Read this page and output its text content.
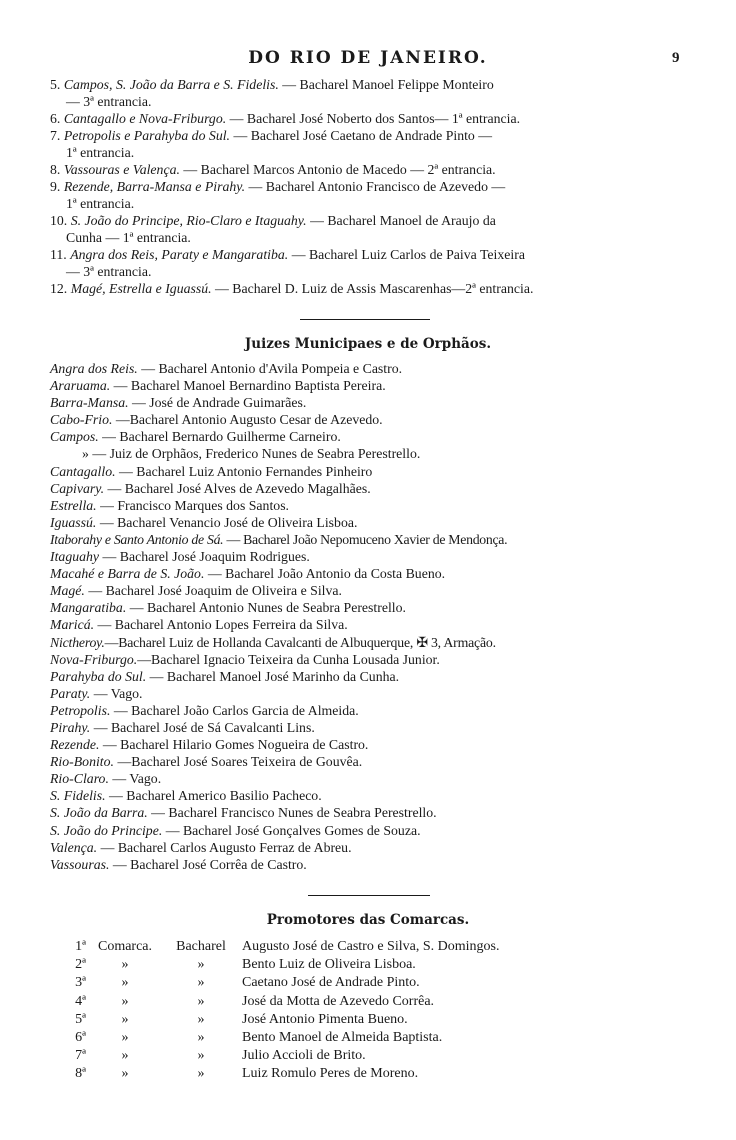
DO RIO DE JANEIRO.	9

5. Campos, S. João da Barra e S. Fidelis. — Bacharel Manoel Felippe Monteiro
— 3ª entrancia.

6. Cantagallo e Nova-Friburgo. — Bacharel José Noberto dos Santos— 1ª entrancia.

7. Petropolis e Parahyba do Sul. — Bacharel José Caetano de Andrade Pinto —
1ª entrancia.

8. Vassouras e Valença. — Bacharel Marcos Antonio de Macedo — 2ª entrancia.

9. Rezende, Barra-Mansa e Pirahy. — Bacharel Antonio Francisco de Azevedo —
1ª entrancia.

10. S. João do Principe, Rio-Claro e Itaguahy. — Bacharel Manoel de Araujo da
Cunha — 1ª entrancia.

11. Angra dos Reis, Paraty e Mangaratiba. — Bacharel Luiz Carlos de Paiva Teixeira
— 3ª entrancia.

12. Magé, Estrella e Iguassú. — Bacharel D. Luiz de Assis Mascarenhas—2ª entrancia.

Juizes Municipaes e de Orphãos.

Angra dos Reis. — Bacharel Antonio d'Avila Pompeia e Castro.

Araruama. — Bacharel Manoel Bernardino Baptista Pereira.

Barra-Mansa. — José de Andrade Guimarães.

Cabo-Frio. —Bacharel Antonio Augusto Cesar de Azevedo.

Campos. — Bacharel Bernardo Guilherme Carneiro.

» — Juiz de Orphãos, Frederico Nunes de Seabra Perestrello.

Cantagallo. — Bacharel Luiz Antonio Fernandes Pinheiro

Capivary. — Bacharel José Alves de Azevedo Magalhães.

Estrella. — Francisco Marques dos Santos.

Iguassú. — Bacharel Venancio José de Oliveira Lisboa.

Itaborahy e Santo Antonio de Sá. — Bacharel João Nepomuceno Xavier de Mendonça.

Itaguahy — Bacharel José Joaquim Rodrigues.

Macahé e Barra de S. João. — Bacharel João Antonio da Costa Bueno.

Magé. — Bacharel José Joaquim de Oliveira e Silva.

Mangaratiba. — Bacharel Antonio Nunes de Seabra Perestrello.

Maricá. — Bacharel Antonio Lopes Ferreira da Silva.

Nictheroy.—Bacharel Luiz de Hollanda Cavalcanti de Albuquerque, ✠ 3, Armação.

Nova-Friburgo.—Bacharel Ignacio Teixeira da Cunha Lousada Junior.

Parahyba do Sul. — Bacharel Manoel José Marinho da Cunha.

Paraty. — Vago.

Petropolis. — Bacharel João Carlos Garcia de Almeida.

Pirahy. — Bacharel José de Sá Cavalcanti Lins.

Rezende. — Bacharel Hilario Gomes Nogueira de Castro.

Rio-Bonito. —Bacharel José Soares Teixeira de Gouvêa.

Rio-Claro. — Vago.

S. Fidelis. — Bacharel Americo Basilio Pacheco.

S. João da Barra. — Bacharel Francisco Nunes de Seabra Perestrello.

S. João do Principe. — Bacharel José Gonçalves Gomes de Souza.

Valença. — Bacharel Carlos Augusto Ferraz de Abreu.

Vassouras. — Bacharel José Corrêa de Castro.

Promotores das Comarcas.
1ª	Comarca.	Bacharel	Augusto José de Castro e Silva, S. Domingos.
2ª	»	»	Bento Luiz de Oliveira Lisboa.
3ª	»	»	Caetano José de Andrade Pinto.
4ª	»	»	José da Motta de Azevedo Corrêa.
5ª	»	»	José Antonio Pimenta Bueno.
6ª	»	»	Bento Manoel de Almeida Baptista.
7ª	»	»	Julio Accioli de Brito.
8ª	»	»	Luiz Romulo Peres de Moreno.
